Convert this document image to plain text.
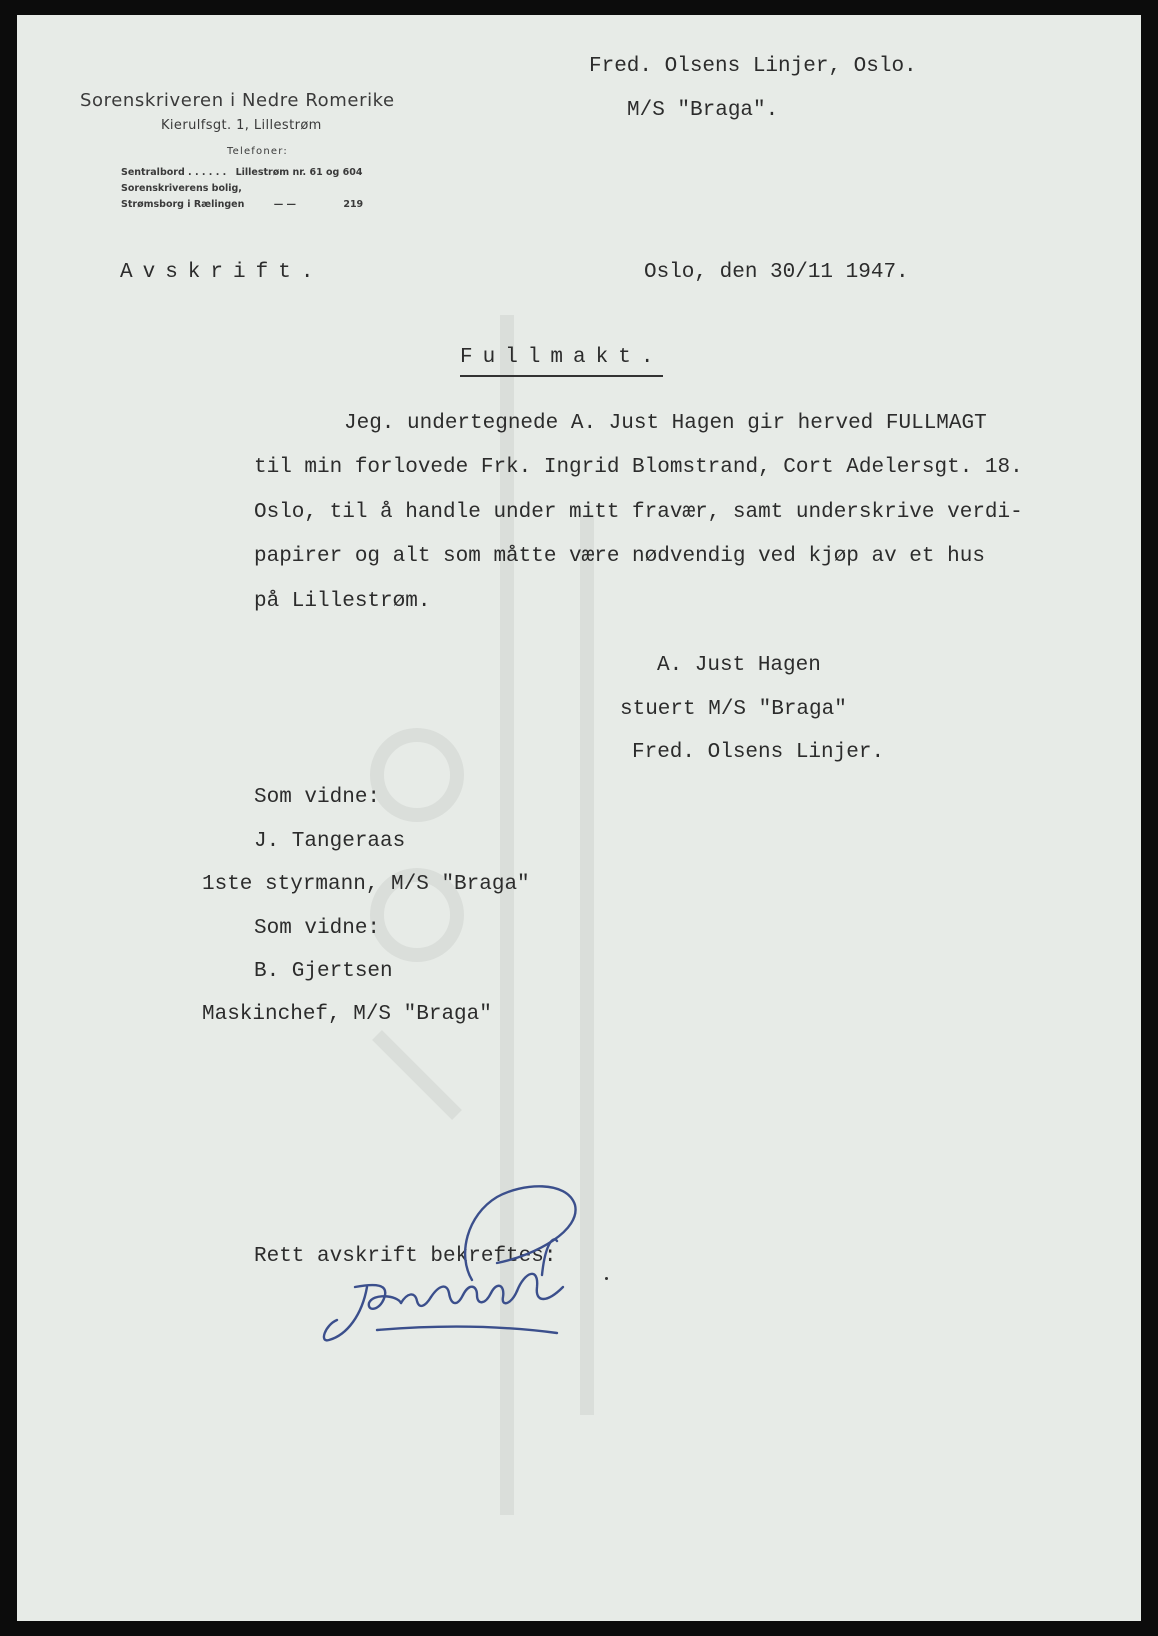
Sorenskriveren i Nedre Romerike
Kierulfsgt. 1, Lillestrøm
Telefoner:
Sentralbord . . . . . . Lillestrøm nr. 61 og 604
Sorenskriverens bolig,
Strømsborg i Rælingen	— —	219
Fred. Olsens Linjer, Oslo.
M/S "Braga".
Avskrift.	Oslo, den 30/11 1947.
Fullmakt.
Jeg. undertegnede A. Just Hagen gir herved FULLMAGT
til min forlovede Frk. Ingrid Blomstrand, Cort Adelersgt. 18.
Oslo, til å handle under mitt fravær, samt underskrive verdi-
papirer og alt som måtte være nødvendig ved kjøp av et hus
på Lillestrøm.
A. Just Hagen
stuert M/S "Braga"
Fred. Olsens Linjer.
Som vidne:
J. Tangeraas
1ste styrmann, M/S "Braga"
Som vidne:
B. Gjertsen
Maskinchef, M/S "Braga"
Rett avskrift bekreftes:
